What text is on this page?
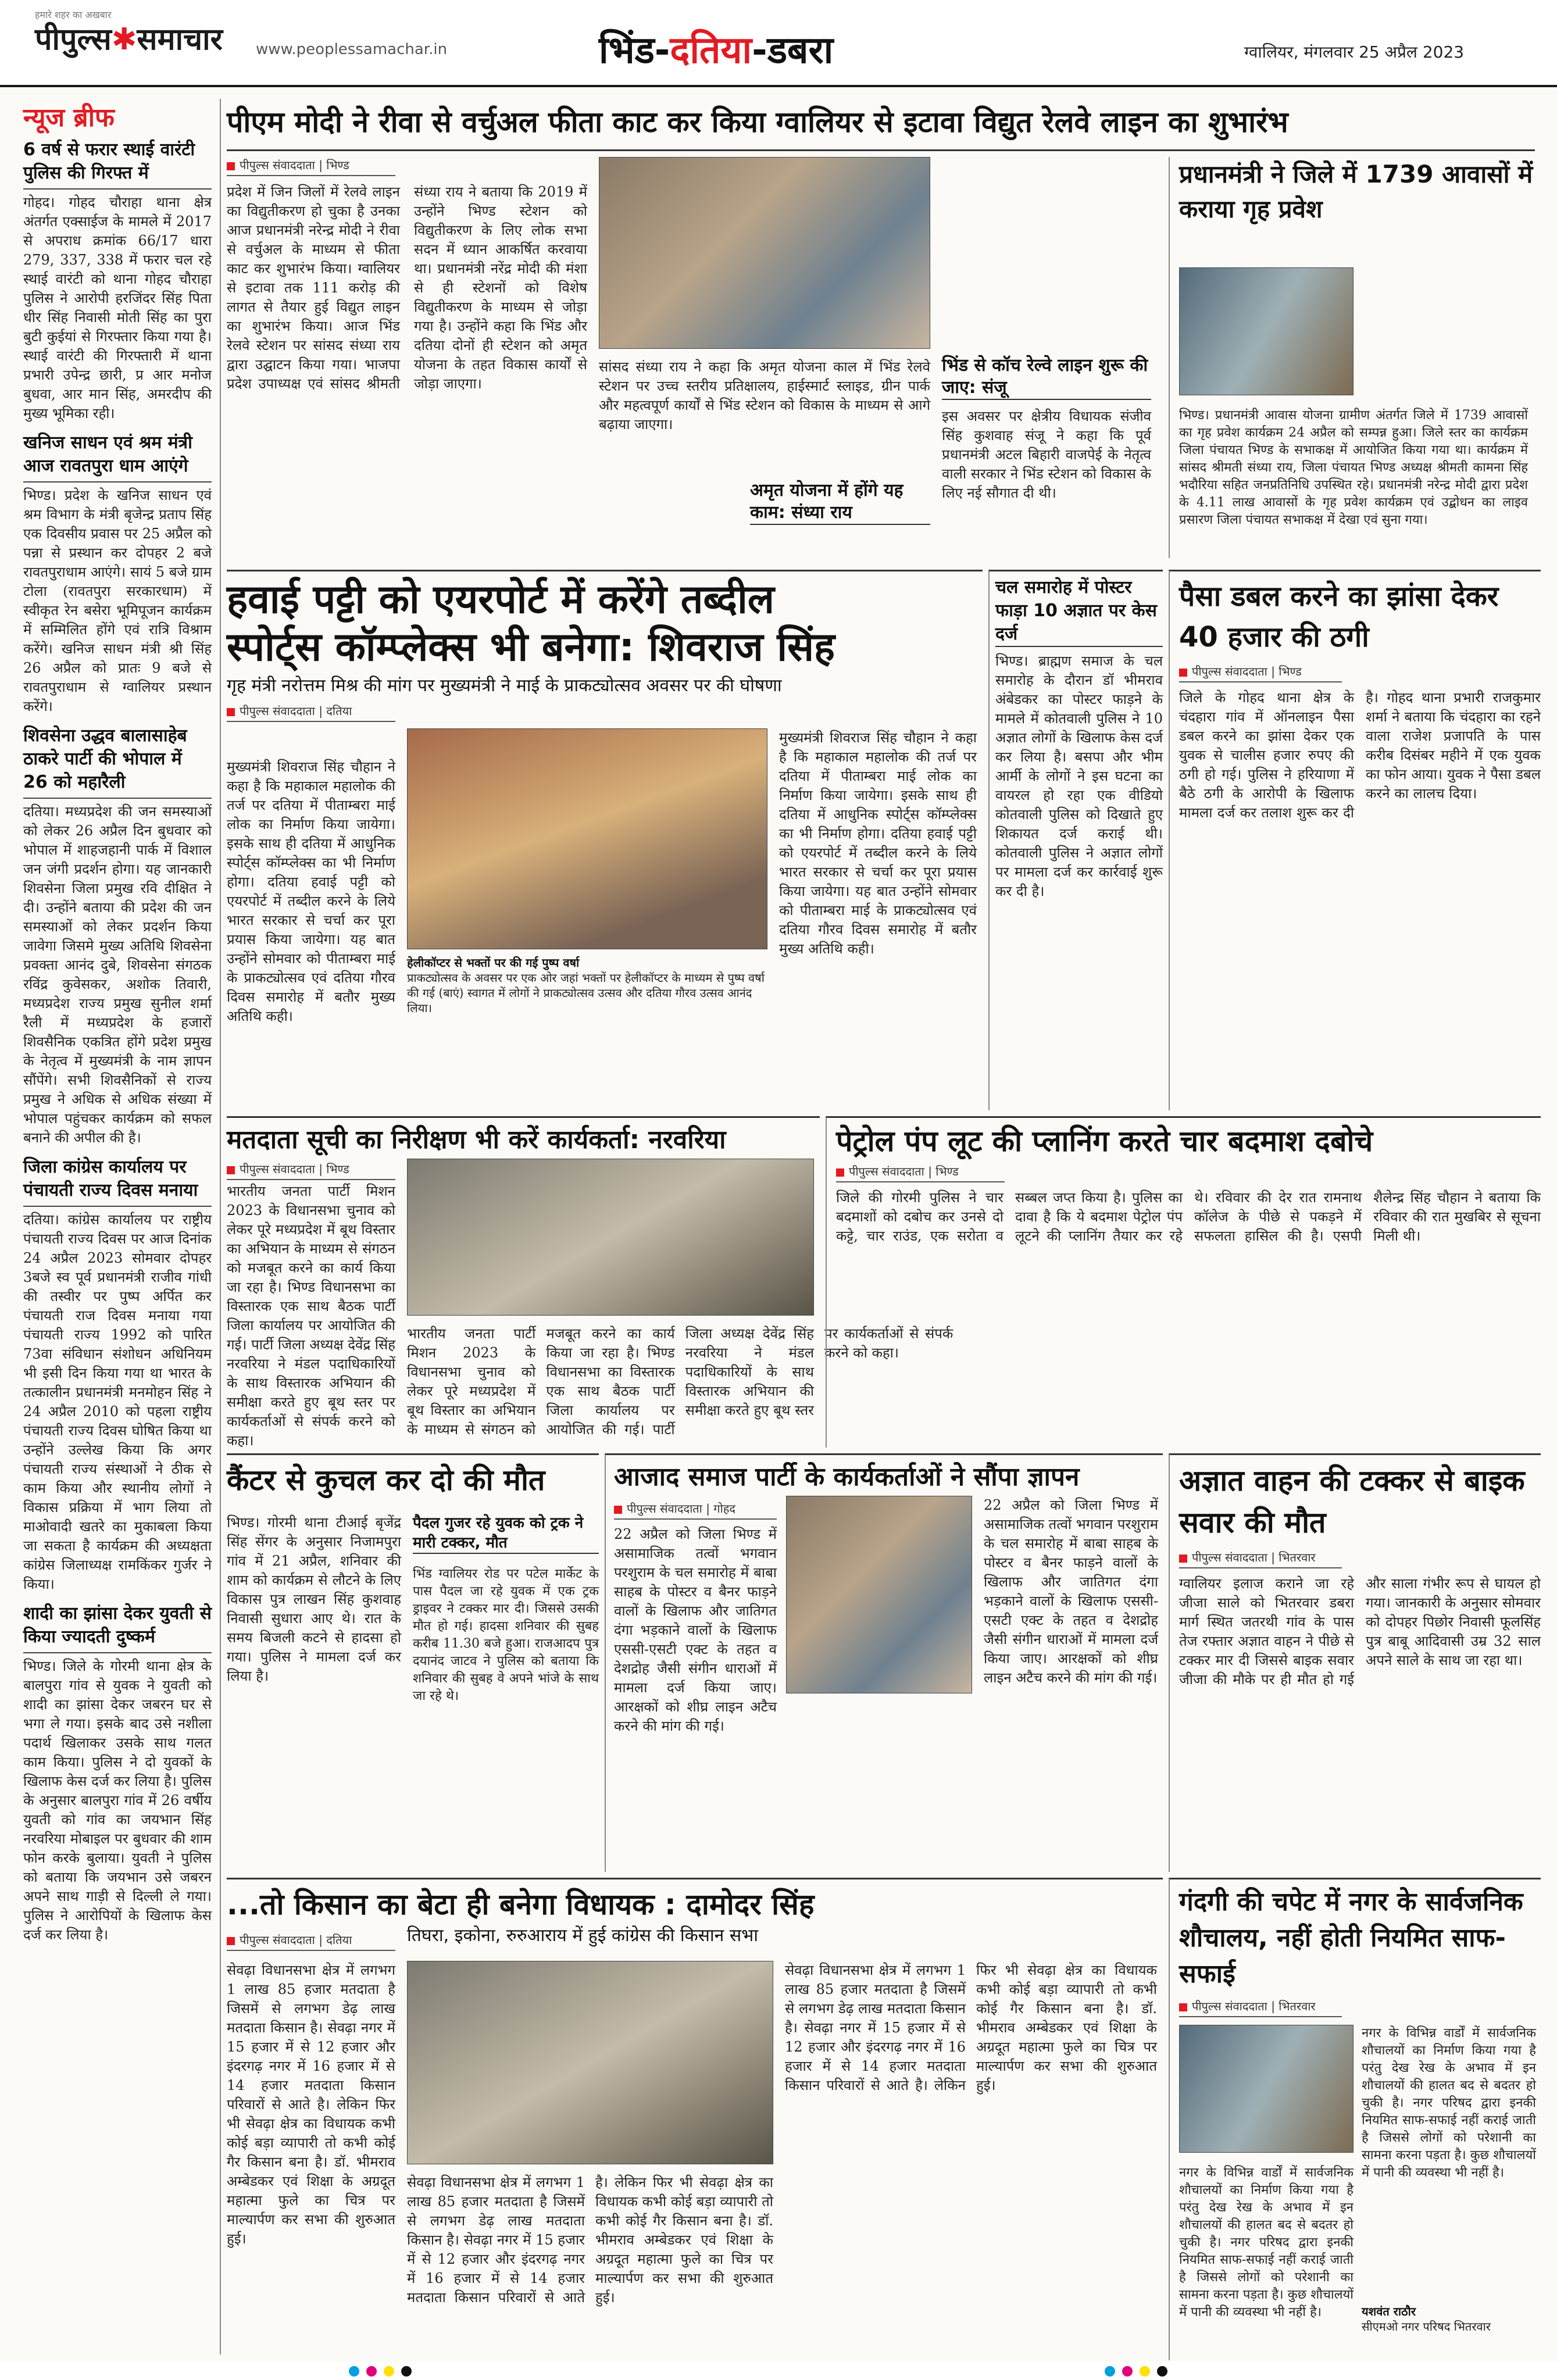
हमारे शहर का अखबार
पीपुल्स✱समाचार www.peoplessamachar.in	भिंड-दतिया-डबरा	ग्वालियर, मंगलवार 25 अप्रैल 2023
न्यूज ब्रीफ
6 वर्ष से फरार स्थाई वारंटी पुलिस की गिरफ्त में
गोहद। गोहद चौराहा थाना क्षेत्र अंतर्गत एक्साईज के मामले में 2017 से अपराध क्रमांक 66/17 धारा 279, 337, 338 में फरार चल रहे स्थाई वारंटी को थाना गोहद चौराहा पुलिस ने आरोपी हरजिंदर सिंह पिता धीर सिंह निवासी मोती सिंह का पुरा बुटी कुईयां से गिरफ्तार किया गया है। स्थाई वारंटी की गिरफ्तारी में थाना प्रभारी उपेन्द्र छारी, प्र आर मनोज बुधवा, आर मान सिंह, अमरदीप की मुख्य भूमिका रही।
खनिज साधन एवं श्रम मंत्री आज रावतपुरा धाम आएंगे
भिण्ड। प्रदेश के खनिज साधन एवं श्रम विभाग के मंत्री बृजेन्द्र प्रताप सिंह एक दिवसीय प्रवास पर 25 अप्रैल को पन्ना से प्रस्थान कर दोपहर 2 बजे रावतपुराधाम आएंगे। सायं 5 बजे ग्राम टोला (रावतपुरा सरकारधाम) में स्वीकृत रेन बसेरा भूमिपूजन कार्यक्रम में सम्मिलित होंगे एवं रात्रि विश्राम करेंगे। खनिज साधन मंत्री श्री सिंह 26 अप्रैल को प्रातः 9 बजे से रावतपुराधाम से ग्वालियर प्रस्थान करेंगे।
शिवसेना उद्धव बालासाहेब ठाकरे पार्टी की भोपाल में 26 को महारैली
दतिया। मध्यप्रदेश की जन समस्याओं को लेकर 26 अप्रैल दिन बुधवार को भोपाल में शाहजहानी पार्क में विशाल जन जंगी प्रदर्शन होगा। यह जानकारी शिवसेना जिला प्रमुख रवि दीक्षित ने दी। उन्होंने बताया की प्रदेश की जन समस्याओं को लेकर प्रदर्शन किया जावेगा जिसमे मुख्य अतिथि शिवसेना प्रवक्ता आनंद दुबे, शिवसेना संगठक रविंद्र कुवेसकर, अशोक तिवारी, मध्यप्रदेश राज्य प्रमुख सुनील शर्मा रैली में मध्यप्रदेश के हजारों शिवसैनिक एकत्रित होंगे प्रदेश प्रमुख के नेतृत्व में मुख्यमंत्री के नाम ज्ञापन सौंपेंगे। सभी शिवसैनिकों से राज्य प्रमुख ने अधिक से अधिक संख्या में भोपाल पहुंचकर कार्यक्रम को सफल बनाने की अपील की है।
जिला कांग्रेस कार्यालय पर पंचायती राज्य दिवस मनाया
दतिया। कांग्रेस कार्यालय पर राष्ट्रीय पंचायती राज्य दिवस पर आज दिनांक 24 अप्रैल 2023 सोमवार दोपहर 3बजे स्व पूर्व प्रधानमंत्री राजीव गांधी की तस्वीर पर पुष्प अर्पित कर पंचायती राज दिवस मनाया गया पंचायती राज्य 1992 को पारित 73वा संविधान संशोधन अधिनियम भी इसी दिन किया गया था भारत के तत्कालीन प्रधानमंत्री मनमोहन सिंह ने 24 अप्रैल 2010 को पहला राष्ट्रीय पंचायती राज्य दिवस घोषित किया था उन्होंने उल्लेख किया कि अगर पंचायती राज्य संस्थाओं ने ठीक से काम किया और स्थानीय लोगों ने विकास प्रक्रिया में भाग लिया तो माओवादी खतरे का मुकाबला किया जा सकता है कार्यक्रम की अध्यक्षता कांग्रेस जिलाध्यक्ष रामकिंकर गुर्जर ने किया।
शादी का झांसा देकर युवती से किया ज्यादती दुष्कर्म
भिण्ड। जिले के गोरमी थाना क्षेत्र के बालपुरा गांव से युवक ने युवती को शादी का झांसा देकर जबरन घर से भगा ले गया। इसके बाद उसे नशीला पदार्थ खिलाकर उसके साथ गलत काम किया। पुलिस ने दो युवकों के खिलाफ केस दर्ज कर लिया है। पुलिस के अनुसार बालपुरा गांव में 26 वर्षीय युवती को गांव का जयभान सिंह नरवरिया मोबाइल पर बुधवार की शाम फोन करके बुलाया। युवती ने पुलिस को बताया कि जयभान उसे जबरन अपने साथ गाड़ी से दिल्ली ले गया। पुलिस ने आरोपियों के खिलाफ केस दर्ज कर लिया है।
पीएम मोदी ने रीवा से वर्चुअल फीता काट कर किया ग्वालियर से इटावा विद्युत रेलवे लाइन का शुभारंभ
पीपुल्स संवाददाता | भिण्ड
प्रदेश में जिन जिलों में रेलवे लाइन का विद्युतीकरण हो चुका है उनका आज प्रधानमंत्री नरेन्द्र मोदी ने रीवा से वर्चुअल के माध्यम से फीता काट कर शुभारंभ किया। ग्वालियर से इटावा तक 111 करोड़ की लागत से तैयार हुई विद्युत लाइन का शुभारंभ किया। आज भिंड रेलवे स्टेशन पर सांसद संध्या राय द्वारा उद्घाटन किया गया। भाजपा प्रदेश उपाध्यक्ष एवं सांसद श्रीमती संध्या राय ने बताया कि 2019 में उन्होंने भिण्ड स्टेशन को विद्युतीकरण के लिए लोक सभा सदन में ध्यान आकर्षित करवाया था। प्रधानमंत्री नरेंद्र मोदी की मंशा से ही स्टेशनों को विशेष विद्युतीकरण के माध्यम से जोड़ा गया है। उन्होंने कहा कि भिंड और दतिया दोनों ही स्टेशन को अमृत योजना के तहत विकास कार्यों से जोड़ा जाएगा।
सांसद संध्या राय ने कहा कि अमृत योजना काल में भिंड रेलवे स्टेशन पर उच्च स्तरीय प्रतिक्षालय, हाईस्मार्ट स्लाइड, ग्रीन पार्क और महत्वपूर्ण कार्यों से भिंड स्टेशन को विकास के माध्यम से आगे बढ़ाया जाएगा।
अमृत योजना में होंगे यह काम: संध्या राय
भिंड से कॉच रेल्वे लाइन शुरू की जाए: संजू
इस अवसर पर क्षेत्रीय विधायक संजीव सिंह कुशवाह संजू ने कहा कि पूर्व प्रधानमंत्री अटल बिहारी वाजपेई के नेतृत्व वाली सरकार ने भिंड स्टेशन को विकास के लिए नई सौगात दी थी।
प्रधानमंत्री ने जिले में 1739 आवासों में कराया गृह प्रवेश
भिण्ड। प्रधानमंत्री आवास योजना ग्रामीण अंतर्गत जिले में 1739 आवासों का गृह प्रवेश कार्यक्रम 24 अप्रैल को सम्पन्न हुआ। जिले स्तर का कार्यक्रम जिला पंचायत भिण्ड के सभाकक्ष में आयोजित किया गया था। कार्यक्रम में सांसद श्रीमती संध्या राय, जिला पंचायत भिण्ड अध्यक्ष श्रीमती कामना सिंह भदौरिया सहित जनप्रतिनिधि उपस्थित रहे। प्रधानमंत्री नरेन्द्र मोदी द्वारा प्रदेश के 4.11 लाख आवासों के गृह प्रवेश कार्यक्रम एवं उद्बोधन का लाइव प्रसारण जिला पंचायत सभाकक्ष में देखा एवं सुना गया।
हवाई पट्टी को एयरपोर्ट में करेंगे तब्दील
स्पोर्ट्स कॉम्प्लेक्स भी बनेगा: शिवराज सिंह
गृह मंत्री नरोत्तम मिश्र की मांग पर मुख्यमंत्री ने माई के प्राकट्योत्सव अवसर पर की घोषणा
पीपुल्स संवाददाता | दतिया
मुख्यमंत्री शिवराज सिंह चौहान ने कहा है कि महाकाल महालोक की तर्ज पर दतिया में पीताम्बरा माई लोक का निर्माण किया जायेगा। इसके साथ ही दतिया में आधुनिक स्पोर्ट्स कॉम्प्लेक्स का भी निर्माण होगा। दतिया हवाई पट्टी को एयरपोर्ट में तब्दील करने के लिये भारत सरकार से चर्चा कर पूरा प्रयास किया जायेगा। यह बात उन्होंने सोमवार को पीताम्बरा माई के प्राकट्योत्सव एवं दतिया गौरव दिवस समारोह में बतौर मुख्य अतिथि कही।
हेलीकॉप्टर से भक्तों पर की गई पुष्प वर्षा
प्राकट्योत्सव के अवसर पर एक ओर जहां भक्तों पर हेलीकॉप्टर के माध्यम से पुष्प वर्षा की गई (बाएं) स्वागत में लोगों ने प्राकट्योत्सव उत्सव और दतिया गौरव उत्सव आनंद लिया।
मुख्यमंत्री शिवराज सिंह चौहान ने कहा है कि महाकाल महालोक की तर्ज पर दतिया में पीताम्बरा माई लोक का निर्माण किया जायेगा। इसके साथ ही दतिया में आधुनिक स्पोर्ट्स कॉम्प्लेक्स का भी निर्माण होगा। दतिया हवाई पट्टी को एयरपोर्ट में तब्दील करने के लिये भारत सरकार से चर्चा कर पूरा प्रयास किया जायेगा। यह बात उन्होंने सोमवार को पीताम्बरा माई के प्राकट्योत्सव एवं दतिया गौरव दिवस समारोह में बतौर मुख्य अतिथि कही।
चल समारोह में पोस्टर फाड़ा 10 अज्ञात पर केस दर्ज
भिण्ड। ब्राह्मण समाज के चल समारोह के दौरान डॉ भीमराव अंबेडकर का पोस्टर फाड़ने के मामले में कोतवाली पुलिस ने 10 अज्ञात लोगों के खिलाफ केस दर्ज कर लिया है। बसपा और भीम आर्मी के लोगों ने इस घटना का वायरल हो रहा एक वीडियो कोतवाली पुलिस को दिखाते हुए शिकायत दर्ज कराई थी। कोतवाली पुलिस ने अज्ञात लोगों पर मामला दर्ज कर कार्रवाई शुरू कर दी है।
पैसा डबल करने का झांसा देकर 40 हजार की ठगी
पीपुल्स संवाददाता | भिण्ड
जिले के गोहद थाना क्षेत्र के चंदहारा गांव में ऑनलाइन पैसा डबल करने का झांसा देकर एक युवक से चालीस हजार रुपए की ठगी हो गई। पुलिस ने हरियाणा में बैठे ठगी के आरोपी के खिलाफ मामला दर्ज कर तलाश शुरू कर दी है। गोहद थाना प्रभारी राजकुमार शर्मा ने बताया कि चंदहारा का रहने वाला राजेश प्रजापति के पास करीब दिसंबर महीने में एक युवक का फोन आया। युवक ने पैसा डबल करने का लालच दिया।
मतदाता सूची का निरीक्षण भी करें कार्यकर्ता: नरवरिया
पीपुल्स संवाददाता | भिण्ड
भारतीय जनता पार्टी मिशन 2023 के विधानसभा चुनाव को लेकर पूरे मध्यप्रदेश में बूथ विस्तार का अभियान के माध्यम से संगठन को मजबूत करने का कार्य किया जा रहा है। भिण्ड विधानसभा का विस्तारक एक साथ बैठक पार्टी जिला कार्यालय पर आयोजित की गई। पार्टी जिला अध्यक्ष देवेंद्र सिंह नरवरिया ने मंडल पदाधिकारियों के साथ विस्तारक अभियान की समीक्षा करते हुए बूथ स्तर पर कार्यकर्ताओं से संपर्क करने को कहा।
भारतीय जनता पार्टी मिशन 2023 के विधानसभा चुनाव को लेकर पूरे मध्यप्रदेश में बूथ विस्तार का अभियान के माध्यम से संगठन को मजबूत करने का कार्य किया जा रहा है। भिण्ड विधानसभा का विस्तारक एक साथ बैठक पार्टी जिला कार्यालय पर आयोजित की गई। पार्टी जिला अध्यक्ष देवेंद्र सिंह नरवरिया ने मंडल पदाधिकारियों के साथ विस्तारक अभियान की समीक्षा करते हुए बूथ स्तर पर कार्यकर्ताओं से संपर्क करने को कहा।
पेट्रोल पंप लूट की प्लानिंग करते चार बदमाश दबोचे
पीपुल्स संवाददाता | भिण्ड
जिले की गोरमी पुलिस ने चार बदमाशों को दबोच कर उनसे दो कट्टे, चार राउंड, एक सरोता व सब्बल जप्त किया है। पुलिस का दावा है कि ये बदमाश पेट्रोल पंप लूटने की प्लानिंग तैयार कर रहे थे। रविवार की देर रात रामनाथ कॉलेज के पीछे से पकड़ने में सफलता हासिल की है। एसपी शैलेन्द्र सिंह चौहान ने बताया कि रविवार की रात मुखबिर से सूचना मिली थी।
कैंटर से कुचल कर दो की मौत
भिण्ड। गोरमी थाना टीआई बृजेंद्र सिंह सेंगर के अनुसार निजामपुरा गांव में 21 अप्रैल, शनिवार की शाम को कार्यक्रम से लौटने के लिए विकास पुत्र लाखन सिंह कुशवाह निवासी सुधारा आए थे। रात के समय बिजली कटने से हादसा हो गया। पुलिस ने मामला दर्ज कर लिया है।
पैदल गुजर रहे युवक को ट्रक ने मारी टक्कर, मौत
भिंड ग्वालियर रोड पर पटेल मार्केट के पास पैदल जा रहे युवक में एक ट्रक ड्राइवर ने टक्कर मार दी। जिससे उसकी मौत हो गई। हादसा शनिवार की सुबह करीब 11.30 बजे हुआ। राजआदप पुत्र दयानंद जाटव ने पुलिस को बताया कि शनिवार की सुबह वे अपने भांजे के साथ जा रहे थे।
आजाद समाज पार्टी के कार्यकर्ताओं ने सौंपा ज्ञापन
पीपुल्स संवाददाता | गोहद
22 अप्रैल को जिला भिण्ड में असामाजिक तत्वों भगवान परशुराम के चल समारोह में बाबा साहब के पोस्टर व बैनर फाड़ने वालों के खिलाफ और जातिगत दंगा भड़काने वालों के खिलाफ एससी-एसटी एक्ट के तहत व देशद्रोह जैसी संगीन धाराओं में मामला दर्ज किया जाए। आरक्षकों को शीघ्र लाइन अटैच करने की मांग की गई।
22 अप्रैल को जिला भिण्ड में असामाजिक तत्वों भगवान परशुराम के चल समारोह में बाबा साहब के पोस्टर व बैनर फाड़ने वालों के खिलाफ और जातिगत दंगा भड़काने वालों के खिलाफ एससी-एसटी एक्ट के तहत व देशद्रोह जैसी संगीन धाराओं में मामला दर्ज किया जाए। आरक्षकों को शीघ्र लाइन अटैच करने की मांग की गई।
अज्ञात वाहन की टक्कर से बाइक सवार की मौत
पीपुल्स संवाददाता | भितरवार
ग्वालियर इलाज कराने जा रहे जीजा साले को भितरवार डबरा मार्ग स्थित जतरथी गांव के पास तेज रफ्तार अज्ञात वाहन ने पीछे से टक्कर मार दी जिससे बाइक सवार जीजा की मौके पर ही मौत हो गई और साला गंभीर रूप से घायल हो गया। जानकारी के अनुसार सोमवार को दोपहर पिछोर निवासी फूलसिंह पुत्र बाबू आदिवासी उम्र 32 साल अपने साले के साथ जा रहा था।
...तो किसान का बेटा ही बनेगा विधायक : दामोदर सिंह
तिघरा, इकोना, रुरुआराय में हुई कांग्रेस की किसान सभा
पीपुल्स संवाददाता | दतिया
सेवढ़ा विधानसभा क्षेत्र में लगभग 1 लाख 85 हजार मतदाता है जिसमें से लगभग डेढ़ लाख मतदाता किसान है। सेवढ़ा नगर में 15 हजार में से 12 हजार और इंदरगढ़ नगर में 16 हजार में से 14 हजार मतदाता किसान परिवारों से आते है। लेकिन फिर भी सेवढ़ा क्षेत्र का विधायक कभी कोई बड़ा व्यापारी तो कभी कोई गैर किसान बना है। डॉ. भीमराव अम्बेडकर एवं शिक्षा के अग्रदूत महात्मा फुले का चित्र पर माल्यार्पण कर सभा की शुरुआत हुई।
सेवढ़ा विधानसभा क्षेत्र में लगभग 1 लाख 85 हजार मतदाता है जिसमें से लगभग डेढ़ लाख मतदाता किसान है। सेवढ़ा नगर में 15 हजार में से 12 हजार और इंदरगढ़ नगर में 16 हजार में से 14 हजार मतदाता किसान परिवारों से आते है। लेकिन फिर भी सेवढ़ा क्षेत्र का विधायक कभी कोई बड़ा व्यापारी तो कभी कोई गैर किसान बना है। डॉ. भीमराव अम्बेडकर एवं शिक्षा के अग्रदूत महात्मा फुले का चित्र पर माल्यार्पण कर सभा की शुरुआत हुई।
सेवढ़ा विधानसभा क्षेत्र में लगभग 1 लाख 85 हजार मतदाता है जिसमें से लगभग डेढ़ लाख मतदाता किसान है। सेवढ़ा नगर में 15 हजार में से 12 हजार और इंदरगढ़ नगर में 16 हजार में से 14 हजार मतदाता किसान परिवारों से आते है। लेकिन फिर भी सेवढ़ा क्षेत्र का विधायक कभी कोई बड़ा व्यापारी तो कभी कोई गैर किसान बना है। डॉ. भीमराव अम्बेडकर एवं शिक्षा के अग्रदूत महात्मा फुले का चित्र पर माल्यार्पण कर सभा की शुरुआत हुई।
गंदगी की चपेट में नगर के सार्वजनिक शौचालय, नहीं होती नियमित साफ-सफाई
पीपुल्स संवाददाता | भितरवार
नगर के विभिन्न वार्डों में सार्वजनिक शौचालयों का निर्माण किया गया है परंतु देख रेख के अभाव में इन शौचालयों की हालत बद से बदतर हो चुकी है। नगर परिषद द्वारा इनकी नियमित साफ-सफाई नहीं कराई जाती है जिससे लोगों को परेशानी का सामना करना पड़ता है। कुछ शौचालयों में पानी की व्यवस्था भी नहीं है।
नगर के विभिन्न वार्डों में सार्वजनिक शौचालयों का निर्माण किया गया है परंतु देख रेख के अभाव में इन शौचालयों की हालत बद से बदतर हो चुकी है। नगर परिषद द्वारा इनकी नियमित साफ-सफाई नहीं कराई जाती है जिससे लोगों को परेशानी का सामना करना पड़ता है। कुछ शौचालयों में पानी की व्यवस्था भी नहीं है।	यशवंत राठौर
सीएमओ नगर परिषद भितरवार
